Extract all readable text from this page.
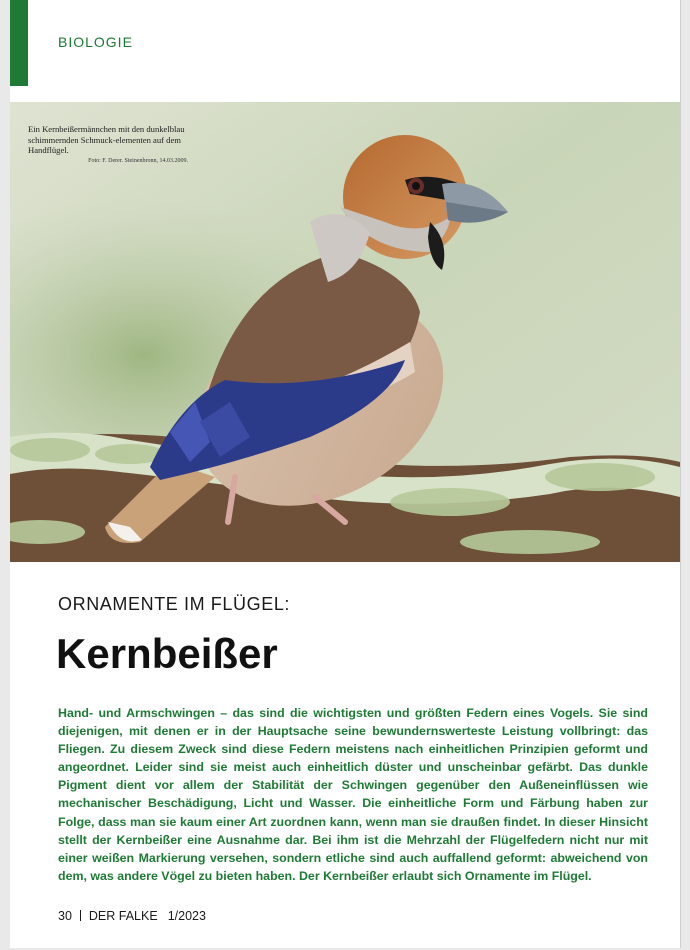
BIOLOGIE
Ein Kernbeißermännchen mit den dunkelblau schimmernden Schmuck-elementen auf dem Handflügel.
Foto: F. Derer. Steinenbronn, 14.03.2009.
ORNAMENTE IM FLÜGEL:
Kernbeißer
Hand- und Armschwingen – das sind die wichtigsten und größten Federn eines Vogels. Sie sind diejenigen, mit denen er in der Hauptsache seine bewundernswerteste Leistung vollbringt: das Fliegen. Zu diesem Zweck sind diese Federn meistens nach einheitlichen Prinzipien geformt und angeordnet. Leider sind sie meist auch einheitlich düster und unscheinbar gefärbt. Das dunkle Pigment dient vor allem der Stabilität der Schwingen gegenüber den Außeneinflüssen wie mechanischer Beschädigung, Licht und Wasser. Die einheitliche Form und Färbung haben zur Folge, dass man sie kaum einer Art zuordnen kann, wenn man sie draußen findet. In dieser Hinsicht stellt der Kernbeißer eine Ausnahme dar. Bei ihm ist die Mehrzahl der Flügelfedern nicht nur mit einer weißen Markierung versehen, sondern etliche sind auch auffallend geformt: abweichend von dem, was andere Vögel zu bieten haben. Der Kernbeißer erlaubt sich Ornamente im Flügel.
30 DER FALKE 1/2023
